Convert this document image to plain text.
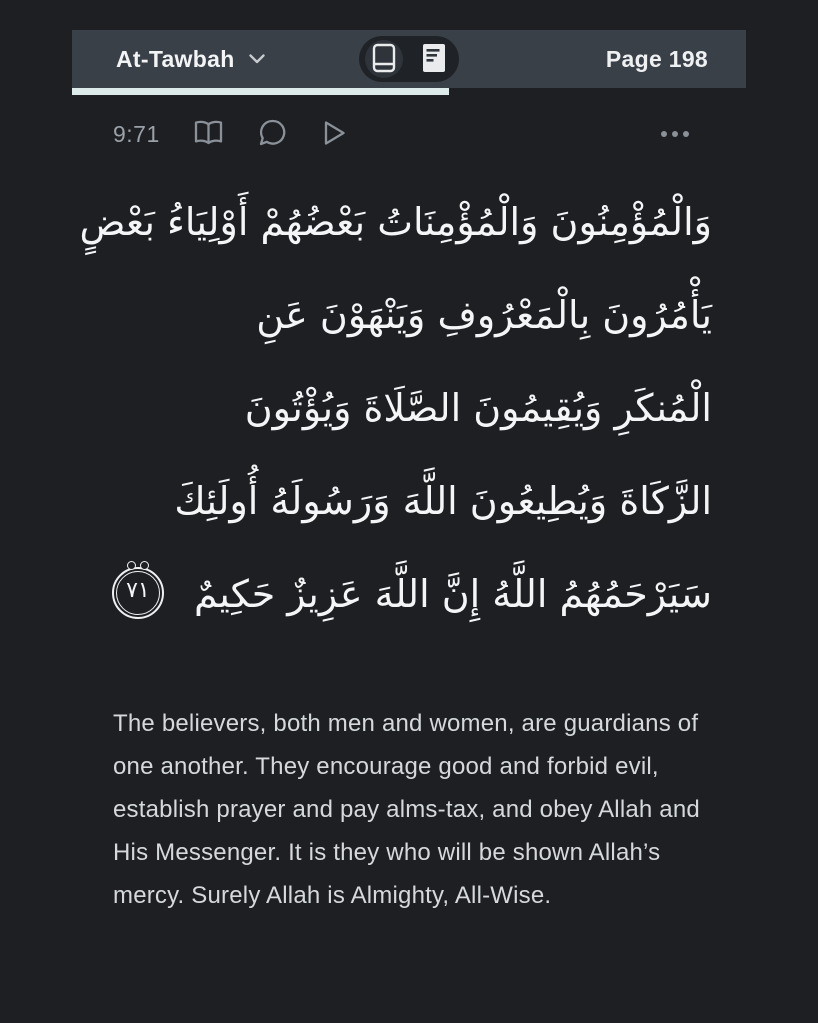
At-Tawbah	Page 198
9:71
وَالْمُؤْمِنُونَ وَالْمُؤْمِنَاتُ بَعْضُهُمْ أَوْلِيَاءُ بَعْضٍ
يَأْمُرُونَ بِالْمَعْرُوفِ وَيَنْهَوْنَ عَنِ
الْمُنكَرِ وَيُقِيمُونَ الصَّلَاةَ وَيُؤْتُونَ
الزَّكَاةَ وَيُطِيعُونَ اللَّهَ وَرَسُولَهُ أُولَئِكَ
سَيَرْحَمُهُمُ اللَّهُ إِنَّ اللَّهَ عَزِيزٌ حَكِيمٌ
٧١

The believers, both men and women, are guardians of one another. They encourage good and forbid evil, establish prayer and pay alms-tax, and obey Allah and His Messenger. It is they who will be shown Allah’s mercy. Surely Allah is Almighty, All-Wise.
